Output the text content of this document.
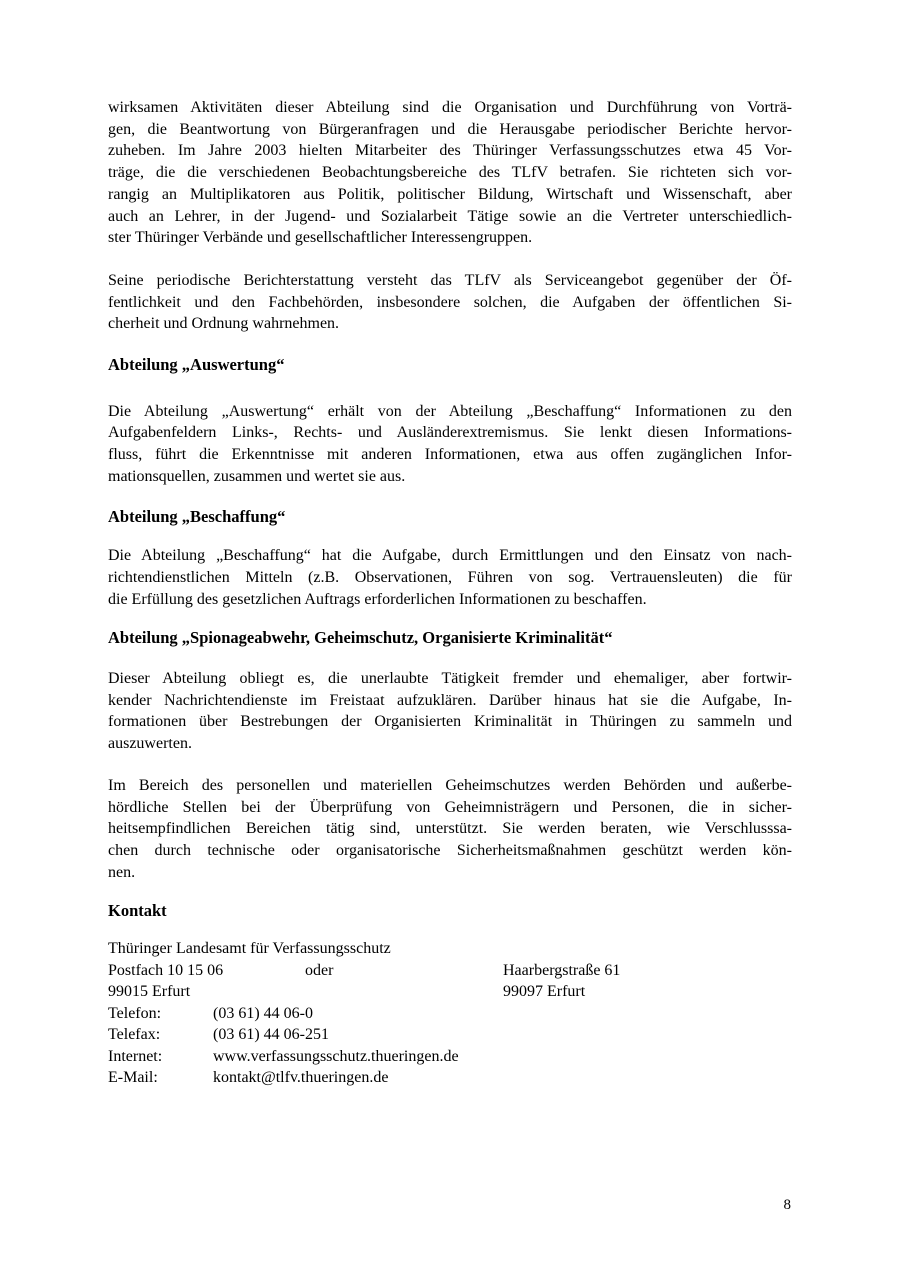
wirksamen Aktivitäten dieser Abteilung sind die Organisation und Durchführung von Vorträ-
gen, die Beantwortung von Bürgeranfragen und die Herausgabe periodischer Berichte hervor-
zuheben. Im Jahre 2003 hielten Mitarbeiter des Thüringer Verfassungsschutzes etwa 45 Vor-
träge, die die verschiedenen Beobachtungsbereiche des TLfV betrafen. Sie richteten sich vor-
rangig an Multiplikatoren aus Politik, politischer Bildung, Wirtschaft und Wissenschaft, aber
auch an Lehrer, in der Jugend- und Sozialarbeit Tätige sowie an die Vertreter unterschiedlich-
ster Thüringer Verbände und gesellschaftlicher Interessengruppen.
Seine periodische Berichterstattung versteht das TLfV als Serviceangebot gegenüber der Öf-
fentlichkeit und den Fachbehörden, insbesondere solchen, die Aufgaben der öffentlichen Si-
cherheit und Ordnung wahrnehmen.
Abteilung „Auswertung“
Die Abteilung „Auswertung“ erhält von der Abteilung „Beschaffung“ Informationen zu den
Aufgabenfeldern Links-, Rechts- und Ausländerextremismus. Sie lenkt diesen Informations-
fluss, führt die Erkenntnisse mit anderen Informationen, etwa aus offen zugänglichen Infor-
mationsquellen, zusammen und wertet sie aus.
Abteilung „Beschaffung“
Die Abteilung „Beschaffung“ hat die Aufgabe, durch Ermittlungen und den Einsatz von nach-
richtendienstlichen Mitteln (z.B. Observationen, Führen von sog. Vertrauensleuten) die für
die Erfüllung des gesetzlichen Auftrags erforderlichen Informationen zu beschaffen.
Abteilung „Spionageabwehr, Geheimschutz, Organisierte Kriminalität“
Dieser Abteilung obliegt es, die unerlaubte Tätigkeit fremder und ehemaliger, aber fortwir-
kender Nachrichtendienste im Freistaat aufzuklären. Darüber hinaus hat sie die Aufgabe, In-
formationen über Bestrebungen der Organisierten Kriminalität in Thüringen zu sammeln und
auszuwerten.
Im Bereich des personellen und materiellen Geheimschutzes werden Behörden und außerbe-
hördliche Stellen bei der Überprüfung von Geheimnisträgern und Personen, die in sicher-
heitsempfindlichen Bereichen tätig sind, unterstützt. Sie werden beraten, wie Verschlusssa-
chen durch technische oder organisatorische Sicherheitsmaßnahmen geschützt werden kön-
nen.
Kontakt
Thüringer Landesamt für Verfassungsschutz
Postfach 10 15 06	oder	Haarbergstraße 61
99015 Erfurt	99097 Erfurt
Telefon:	(03 61) 44 06-0
Telefax:	(03 61) 44 06-251
Internet:	www.verfassungsschutz.thueringen.de
E-Mail:	kontakt@tlfv.thueringen.de
8
